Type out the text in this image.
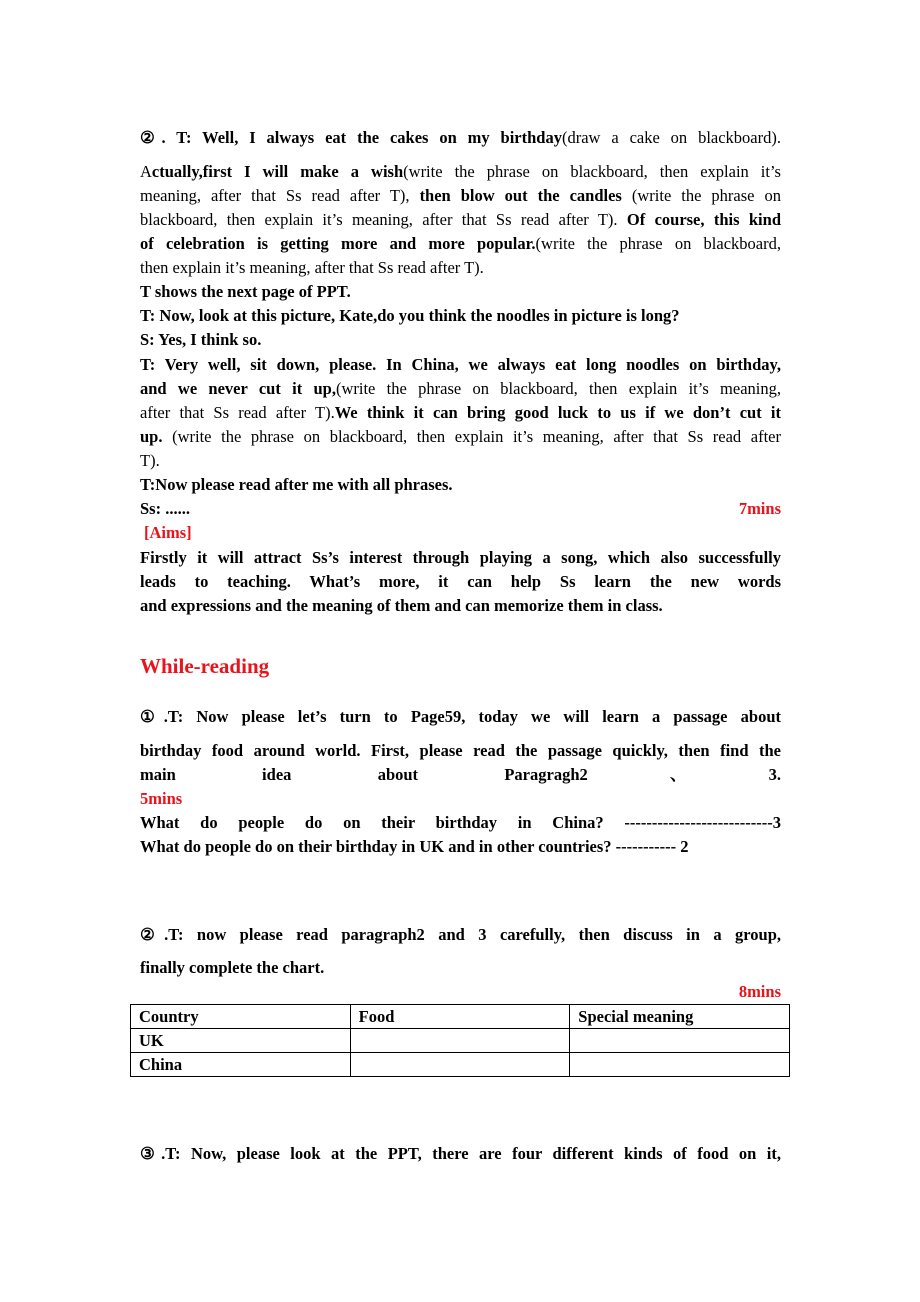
②. T: Well, I always eat the cakes on my birthday(draw a cake on blackboard).
Actually,first I will make a wish(write the phrase on blackboard, then explain it’s
meaning, after that Ss read after T), then blow out the candles (write the phrase on
blackboard, then explain it’s meaning, after that Ss read after T). Of course, this kind
of celebration is getting more and more popular.(write the phrase on blackboard,
then explain it’s meaning, after that Ss read after T).
T shows the next page of PPT.
T: Now, look at this picture, Kate,do you think the noodles in picture is long?
S: Yes, I think so.
T: Very well, sit down, please. In China, we always eat long noodles on birthday,
and we never cut it up,(write the phrase on blackboard, then explain it’s meaning,
after that Ss read after T).We think it can bring good luck to us if we don’t cut it
up. (write the phrase on blackboard, then explain it’s meaning, after that Ss read after
T).
T:Now please read after me with all phrases.
Ss: ......	7mins
[Aims]
Firstly it will attract Ss’s interest through playing a song, which also successfully
leads to teaching. What’s more, it can help Ss learn the new words
and expressions and the meaning of them and can memorize them in class.
While-reading
①.T: Now please let’s turn to Page59, today we will learn a passage about
birthday food around world. First, please read the passage quickly, then find the
main idea about Paragragh2、3.
5mins
What do people do on their birthday in China? ---------------------------3
What do people do on their birthday in UK and in other countries? ----------- 2
②.T: now please read paragraph2 and 3 carefully, then discuss in a group,
finally complete the chart.
8mins
Country	Food	Special meaning
UK		
China		
③.T: Now, please look at the PPT, there are four different kinds of food on it,
